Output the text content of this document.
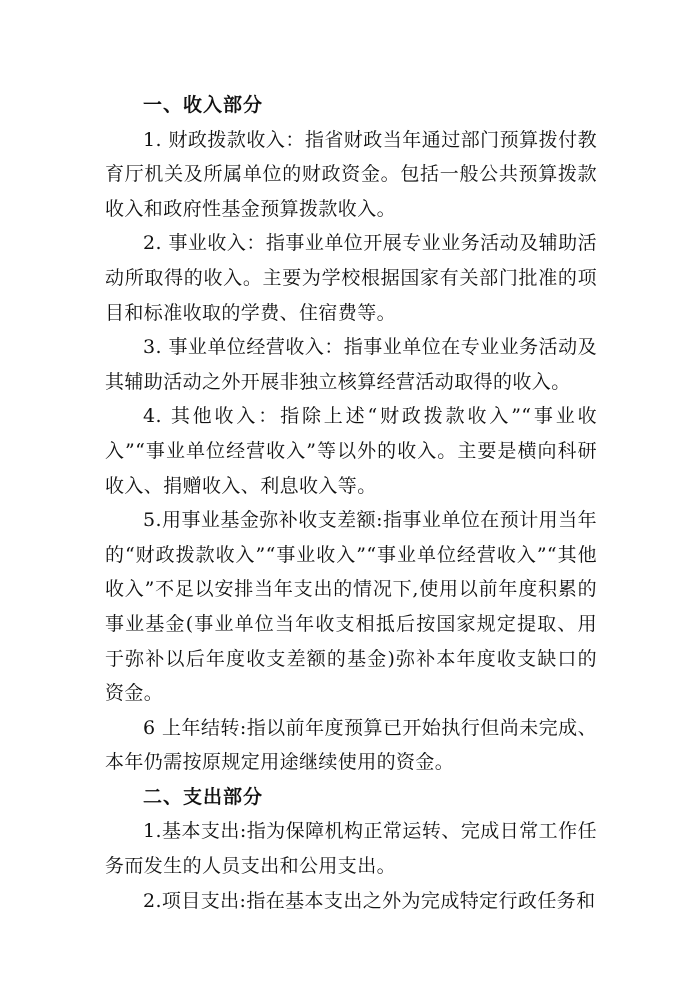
一、收入部分

1. 财政拨款收入：指省财政当年通过部门预算拨付教育厅机关及所属单位的财政资金。包括一般公共预算拨款收入和政府性基金预算拨款收入。

2. 事业收入：指事业单位开展专业业务活动及辅助活动所取得的收入。主要为学校根据国家有关部门批准的项目和标准收取的学费、住宿费等。

3. 事业单位经营收入：指事业单位在专业业务活动及其辅助活动之外开展非独立核算经营活动取得的收入。

4. 其他收入：指除上述“财政拨款收入”“事业收入”“事业单位经营收入”等以外的收入。主要是横向科研收入、捐赠收入、利息收入等。

5.用事业基金弥补收支差额:指事业单位在预计用当年的“财政拨款收入”“事业收入”“事业单位经营收入”“其他收入”不足以安排当年支出的情况下,使用以前年度积累的事业基金(事业单位当年收支相抵后按国家规定提取、用于弥补以后年度收支差额的基金)弥补本年度收支缺口的资金。

6 上年结转:指以前年度预算已开始执行但尚未完成、本年仍需按原规定用途继续使用的资金。

二、支出部分

1.基本支出:指为保障机构正常运转、完成日常工作任务而发生的人员支出和公用支出。

2.项目支出:指在基本支出之外为完成特定行政任务和
